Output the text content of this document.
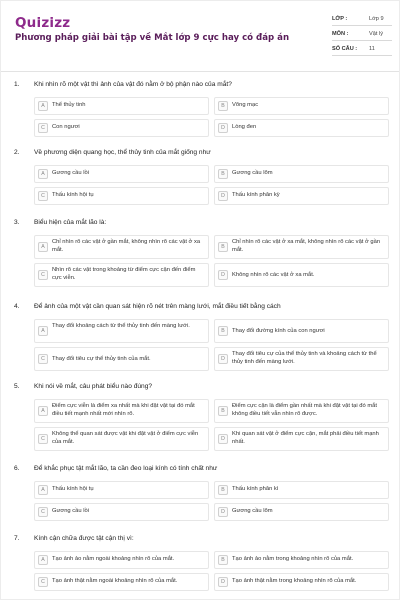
Quizizz
Phương pháp giải bài tập về Mắt lớp 9 cực hay có đáp án
LỚP :	Lớp 9
MÔN :	Vật lý
SỐ CÂU : 11
1. Khi nhìn rõ một vật thì ảnh của vật đó nằm ở bộ phận nào của mắt?
A	Thể thủy tinh	B	Võng mạc
C	Con ngươi	D	Lòng đen
2. Về phương diện quang học, thể thủy tinh của mắt giống như
A	Gương cầu lồi	B	Gương cầu lõm
C	Thấu kính hội tụ	D	Thấu kính phân kỳ
3. Biểu hiện của mắt lão là:
A
Chỉ nhìn rõ các vật ở gần mắt, không nhìn rõ các vật ở xa mắt.	B
Chỉ nhìn rõ các vật ở xa mắt, không nhìn rõ các vật ở gần mắt.
C
Nhìn rõ các vật trong khoảng từ điểm cực cận đến điểm cực viễn.	D	Không nhìn rõ các vật ở xa mắt.
4. Để ảnh của một vật cần quan sát hiện rõ nét trên màng lưới, mắt điều tiết bằng cách
A
Thay đổi khoảng cách từ thể thủy tinh đến màng lưới.
B	Thay đổi đường kính của con ngươi
C	Thay đổi tiêu cự thể thủy tinh của mắt.	D
Thay đổi tiêu cự của thể thủy tinh và khoảng cách từ thể thủy tinh đến màng lưới.
5. Khi nói về mắt, câu phát biểu nào đúng?
A
Điểm cực viễn là điểm xa nhất mà khi đặt vật tại đó mắt điều tiết mạnh nhất mới nhìn rõ.	B
Điểm cực cận là điểm gần nhất mà khi đặt vật tại đó mắt không điều tiết vẫn nhìn rõ được.
C
Không thể quan sát được vật khi đặt vật ở điểm cực viễn của mắt.	D
Khi quan sát vật ở điểm cực cận, mắt phải điều tiết mạnh nhất.
6. Để khắc phục tật mắt lão, ta cần đeo loại kính có tính chất như
A	Thấu kính hội tụ	B	Thấu kính phân kì
C	Gương cầu lồi	D	Gương cầu lõm
7. Kính cận chữa được tật cận thị vì:
A	Tạo ảnh ảo nằm ngoài khoảng nhìn rõ của mắt.	B	Tạo ảnh ảo nằm trong khoảng nhìn rõ của mắt.
C	Tạo ảnh thật nằm ngoài khoảng nhìn rõ của mắt.	D	Tạo ảnh thật nằm trong khoảng nhìn rõ của mắt.
